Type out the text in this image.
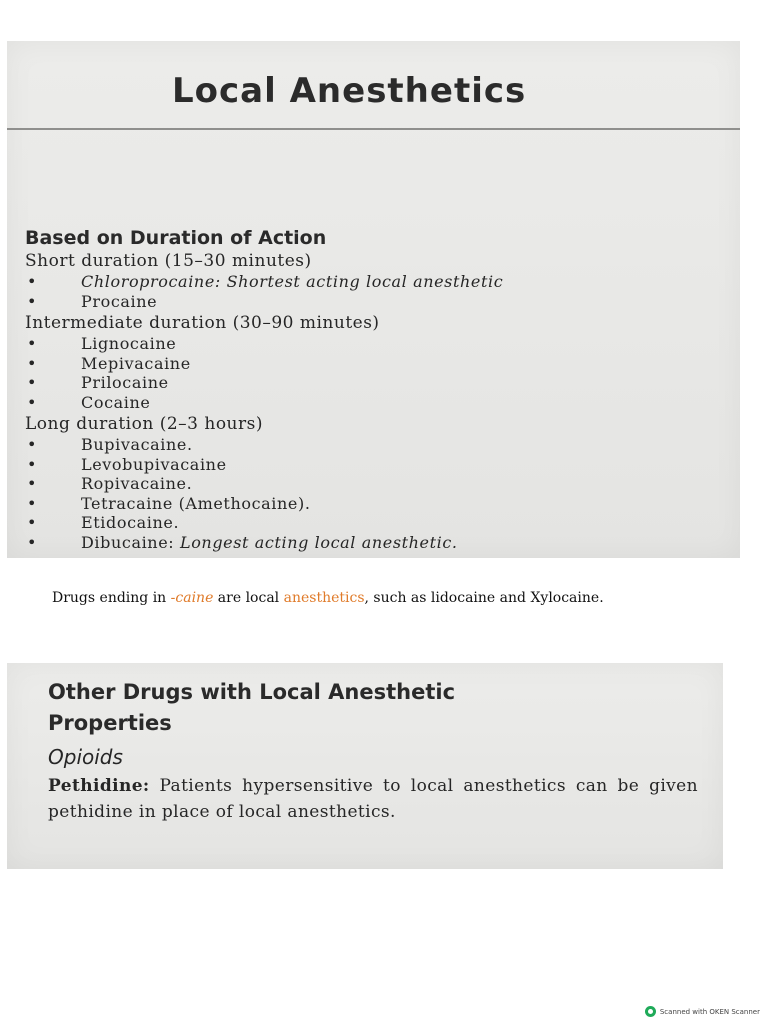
Local Anesthetics
Based on Duration of Action

Short duration (15–30 minutes)

• Chloroprocaine: Shortest acting local anesthetic
• Procaine

Intermediate duration (30–90 minutes)

• Lignocaine
• Mepivacaine
• Prilocaine
• Cocaine

Long duration (2–3 hours)

• Bupivacaine.
• Levobupivacaine
• Ropivacaine.
• Tetracaine (Amethocaine).
• Etidocaine.
• Dibucaine: Longest acting local anesthetic.

Drugs ending in -caine are local anesthetics, such as lidocaine and Xylocaine.

Other Drugs with Local Anesthetic
Properties

Opioids

Pethidine: Patients hypersensitive to local anesthetics can be given pethidine in place of local anesthetics.

Scanned with OKEN Scanner
